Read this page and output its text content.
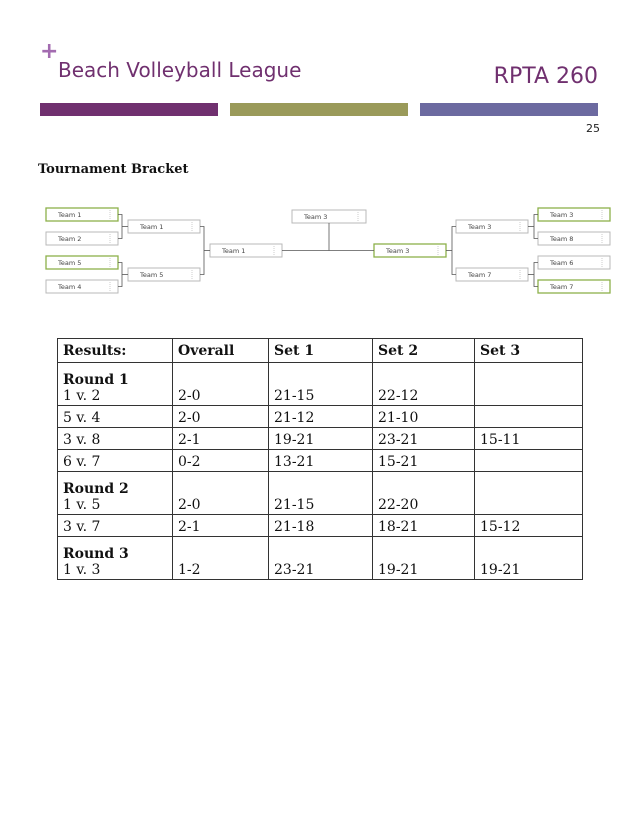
+
Beach Volleyball League	RPTA 260
25
Tournament Bracket
Team 1
Team 2
Team 5
Team 4
Team 1
Team 5
Team 1
Team 3
Team 3
Team 3
Team 7
Team 3
Team 8
Team 6
Team 7
Results:	Overall	Set 1	Set 2	Set 3

Round 1
1 v. 2	2-0	21-15	22-12	
5 v. 4	2-0	21-12	21-10	
3 v. 8	2-1	19-21	23-21	15-11
6 v. 7	0-2	13-21	15-21	

Round 2
1 v. 5	2-0	21-15	22-20	
3 v. 7	2-1	21-18	18-21	15-12

Round 3
1 v. 3	1-2	23-21	19-21	19-21
